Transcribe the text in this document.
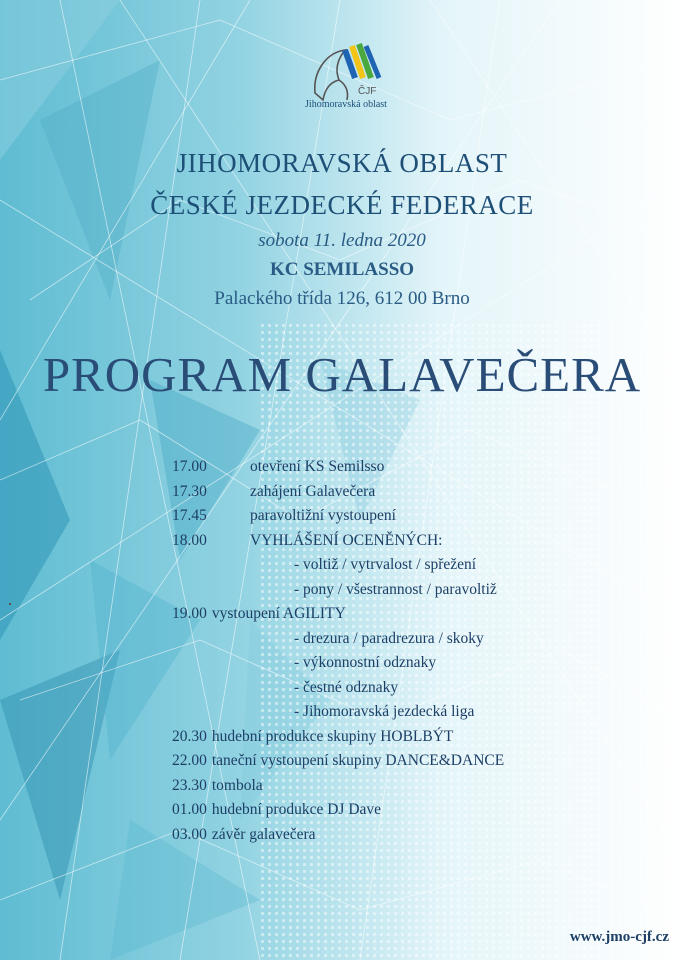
ČJF
Jihomoravská oblast
JIHOMORAVSKÁ OBLAST
ČESKÉ JEZDECKÉ FEDERACE
sobota 11. ledna 2020
KC SEMILASSO
Palackého třída 126, 612 00 Brno
PROGRAM GALAVEČERA
17.00	otevření KS Semilsso
17.30	zahájení Galavečera
17.45	paravoltižní vystoupení
18.00	VYHLÁŠENÍ OCENĚNÝCH:
- voltiž / vytrvalost / spřežení
- pony / všestrannost / paravoltiž
19.00 vystoupení AGILITY
- drezura / paradrezura / skoky
- výkonnostní odznaky
- čestné odznaky
- Jihomoravská jezdecká liga
20.30 hudební produkce skupiny HOBLBÝT
22.00 taneční vystoupení skupiny DANCE&DANCE
23.30 tombola
01.00 hudební produkce DJ Dave
03.00 závěr galavečera
www.jmo-cjf.cz
